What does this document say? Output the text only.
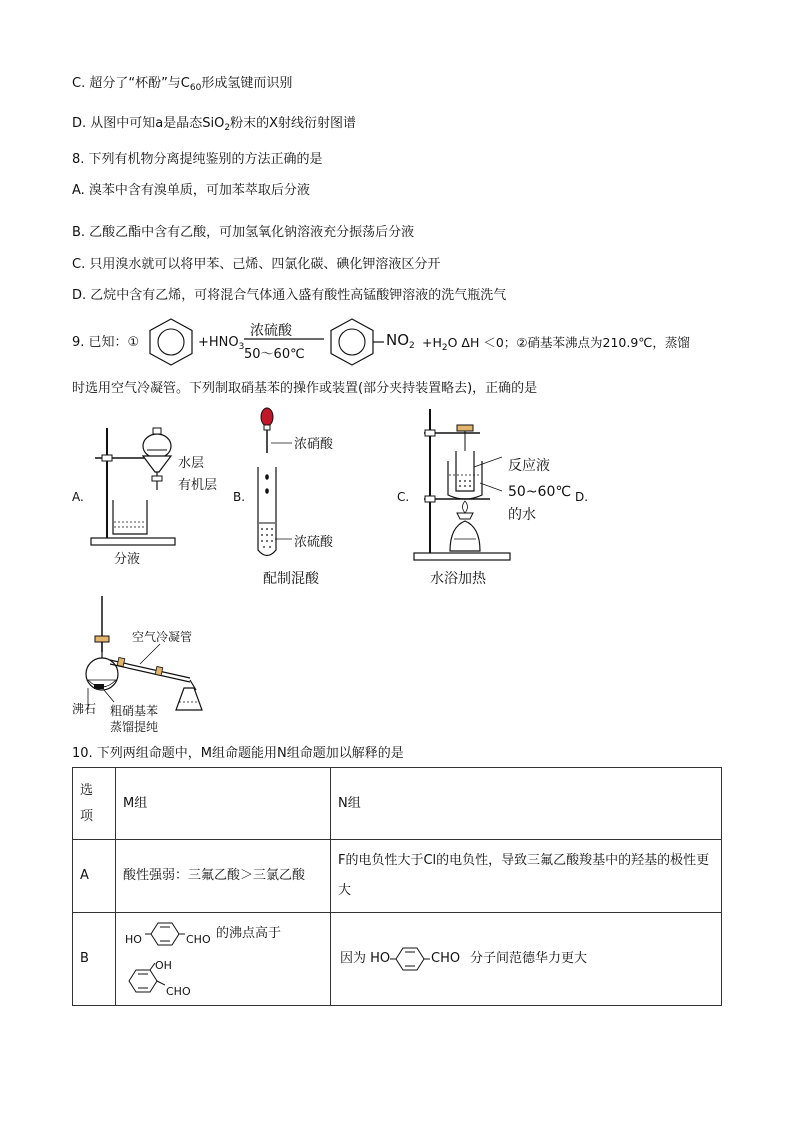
C. 超分了“杯酚”与$C_{60}$形成氢键而识别
D. 从图中可知a是晶态SiO$_2$粉末的X射线衍射图谱
8. 下列有机物分离提纯鉴别的方法正确的是
A. 溴苯中含有溴单质，可加苯萃取后分液
B. 乙酸乙酯中含有乙酸，可加氢氧化钠溶液充分振荡后分液
C. 只用溴水就可以将甲苯、己烯、四氯化碳、碘化钾溶液区分开
D. 乙烷中含有乙烯，可将混合气体通入盛有酸性高锰酸钾溶液的洗气瓶洗气
9. 已知：①	$+HNO_3$
浓硫酸
50～60℃
$NO_2 +H_2O$ ΔH ＜0；②硝基苯沸点为210.9℃，蒸馏
时选用空气冷凝管。下列制取硝基苯的操作或装置(部分夹持装置略去)，正确的是
A.
水层
有机层
分液
B.
浓硝酸
浓硫酸
配制混酸
C.
反应液
50~60℃ D.
的水
水浴加热
空气冷凝管
沸石 粗硝基苯
蒸馏提纯
10. 下列两组命题中，M组命题能用N组命题加以解释的是
选
项	M组	N组
A	酸性强弱：三氟乙酸＞三氯乙酸	F的电负性大于Cl的电负性，导致三氟乙酸羧基中的羟基的极性更大
B	HO CHO 的沸点高于
OH
CHO	因为 HO CHO 分子间范德华力更大
